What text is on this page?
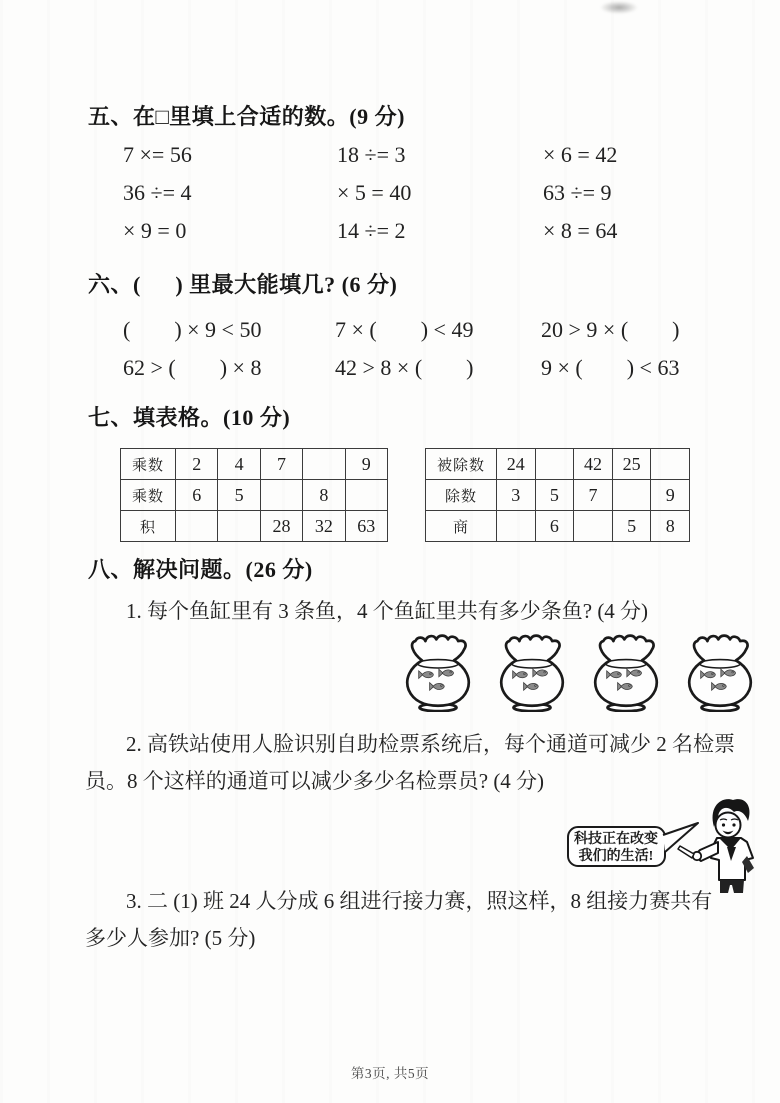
五、在□里填上合适的数。(9 分)
7 × = 56	18 ÷ = 3	× 6 = 42
36 ÷ = 4	× 5 = 40	63 ÷ = 9
× 9 = 0	14 ÷ = 2	× 8 = 64
六、(   ) 里最大能填几? (6 分)
(    ) × 9 < 50	7 × (    ) < 49	20 > 9 × (    )
62 > (    ) × 8	42 > 8 × (    )	9 × (    ) < 63
七、填表格。(10 分)
乘数	2	4	7		9
乘数	6	5		8	
积			28	32	63
被除数	24		42	25	
除数	3	5	7		9
商		6		5	8
八、解决问题。(26 分)
1. 每个鱼缸里有 3 条鱼，4 个鱼缸里共有多少条鱼? (4 分)
2. 高铁站使用人脸识别自助检票系统后，每个通道可减少 2 名检票
员。8 个这样的通道可以减少多少名检票员? (4 分)
科技正在改变
我们的生活!
3. 二 (1) 班 24 人分成 6 组进行接力赛，照这样，8 组接力赛共有
多少人参加? (5 分)
第3页, 共5页
